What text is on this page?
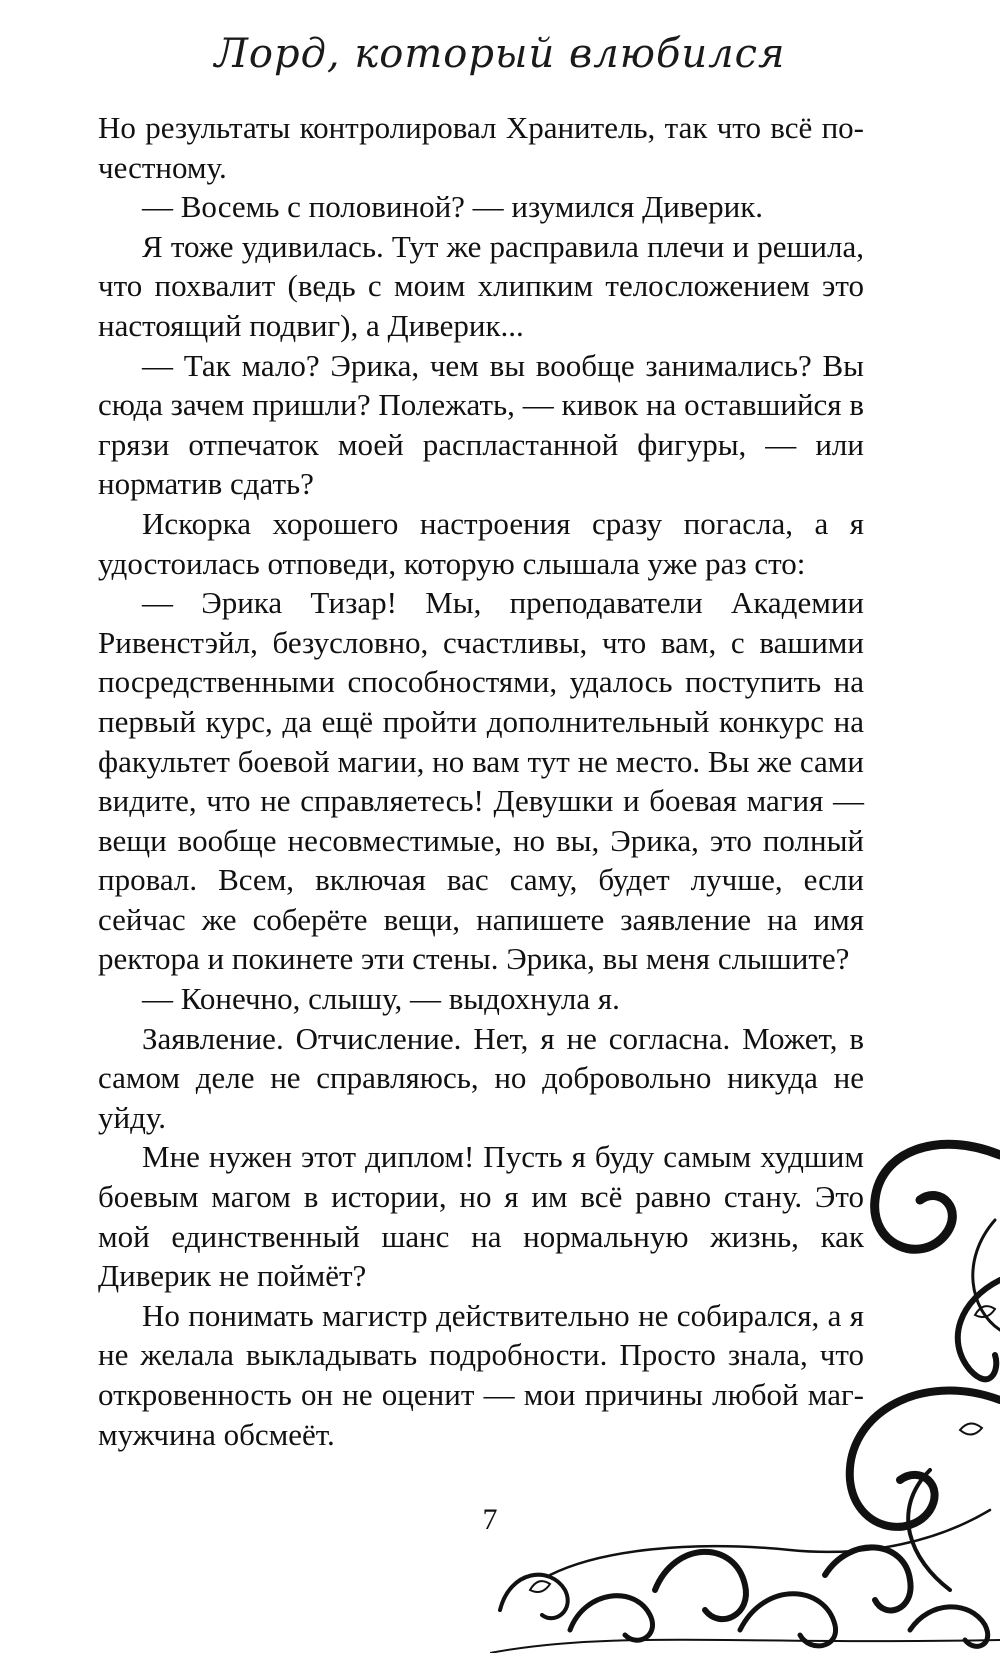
Лорд, который влюбился

Но результаты контролировал Хранитель, так что всё по-честному.

— Восемь с половиной? — изумился Диверик.

Я тоже удивилась. Тут же расправила плечи и решила, что похвалит (ведь с моим хлипким телосложением это настоящий подвиг), а Диверик...

— Так мало? Эрика, чем вы вообще занимались? Вы сюда зачем пришли? Полежать, — кивок на оставшийся в грязи отпечаток моей распластанной фигуры, — или норматив сдать?

Искорка хорошего настроения сразу погасла, а я удостоилась отповеди, которую слышала уже раз сто:

— Эрика Тизар! Мы, преподаватели Академии Ривенстэйл, безусловно, счастливы, что вам, с вашими посредственными способностями, удалось поступить на первый курс, да ещё пройти дополнительный конкурс на факультет боевой магии, но вам тут не место. Вы же сами видите, что не справляетесь! Девушки и боевая магия — вещи вообще несовместимые, но вы, Эрика, это полный провал. Всем, включая вас саму, будет лучше, если сейчас же соберёте вещи, напишете заявление на имя ректора и покинете эти стены. Эрика, вы меня слышите?

— Конечно, слышу, — выдохнула я.

Заявление. Отчисление. Нет, я не согласна. Может, в самом деле не справляюсь, но добровольно никуда не уйду.

Мне нужен этот диплом! Пусть я буду самым худшим боевым магом в истории, но я им всё равно стану. Это мой единственный шанс на нормальную жизнь, как Диверик не поймёт?

Но понимать магистр действительно не собирался, а я не желала выкладывать подробности. Просто знала, что откровенность он не оценит — мои причины любой маг-мужчина обсмеёт.

7
